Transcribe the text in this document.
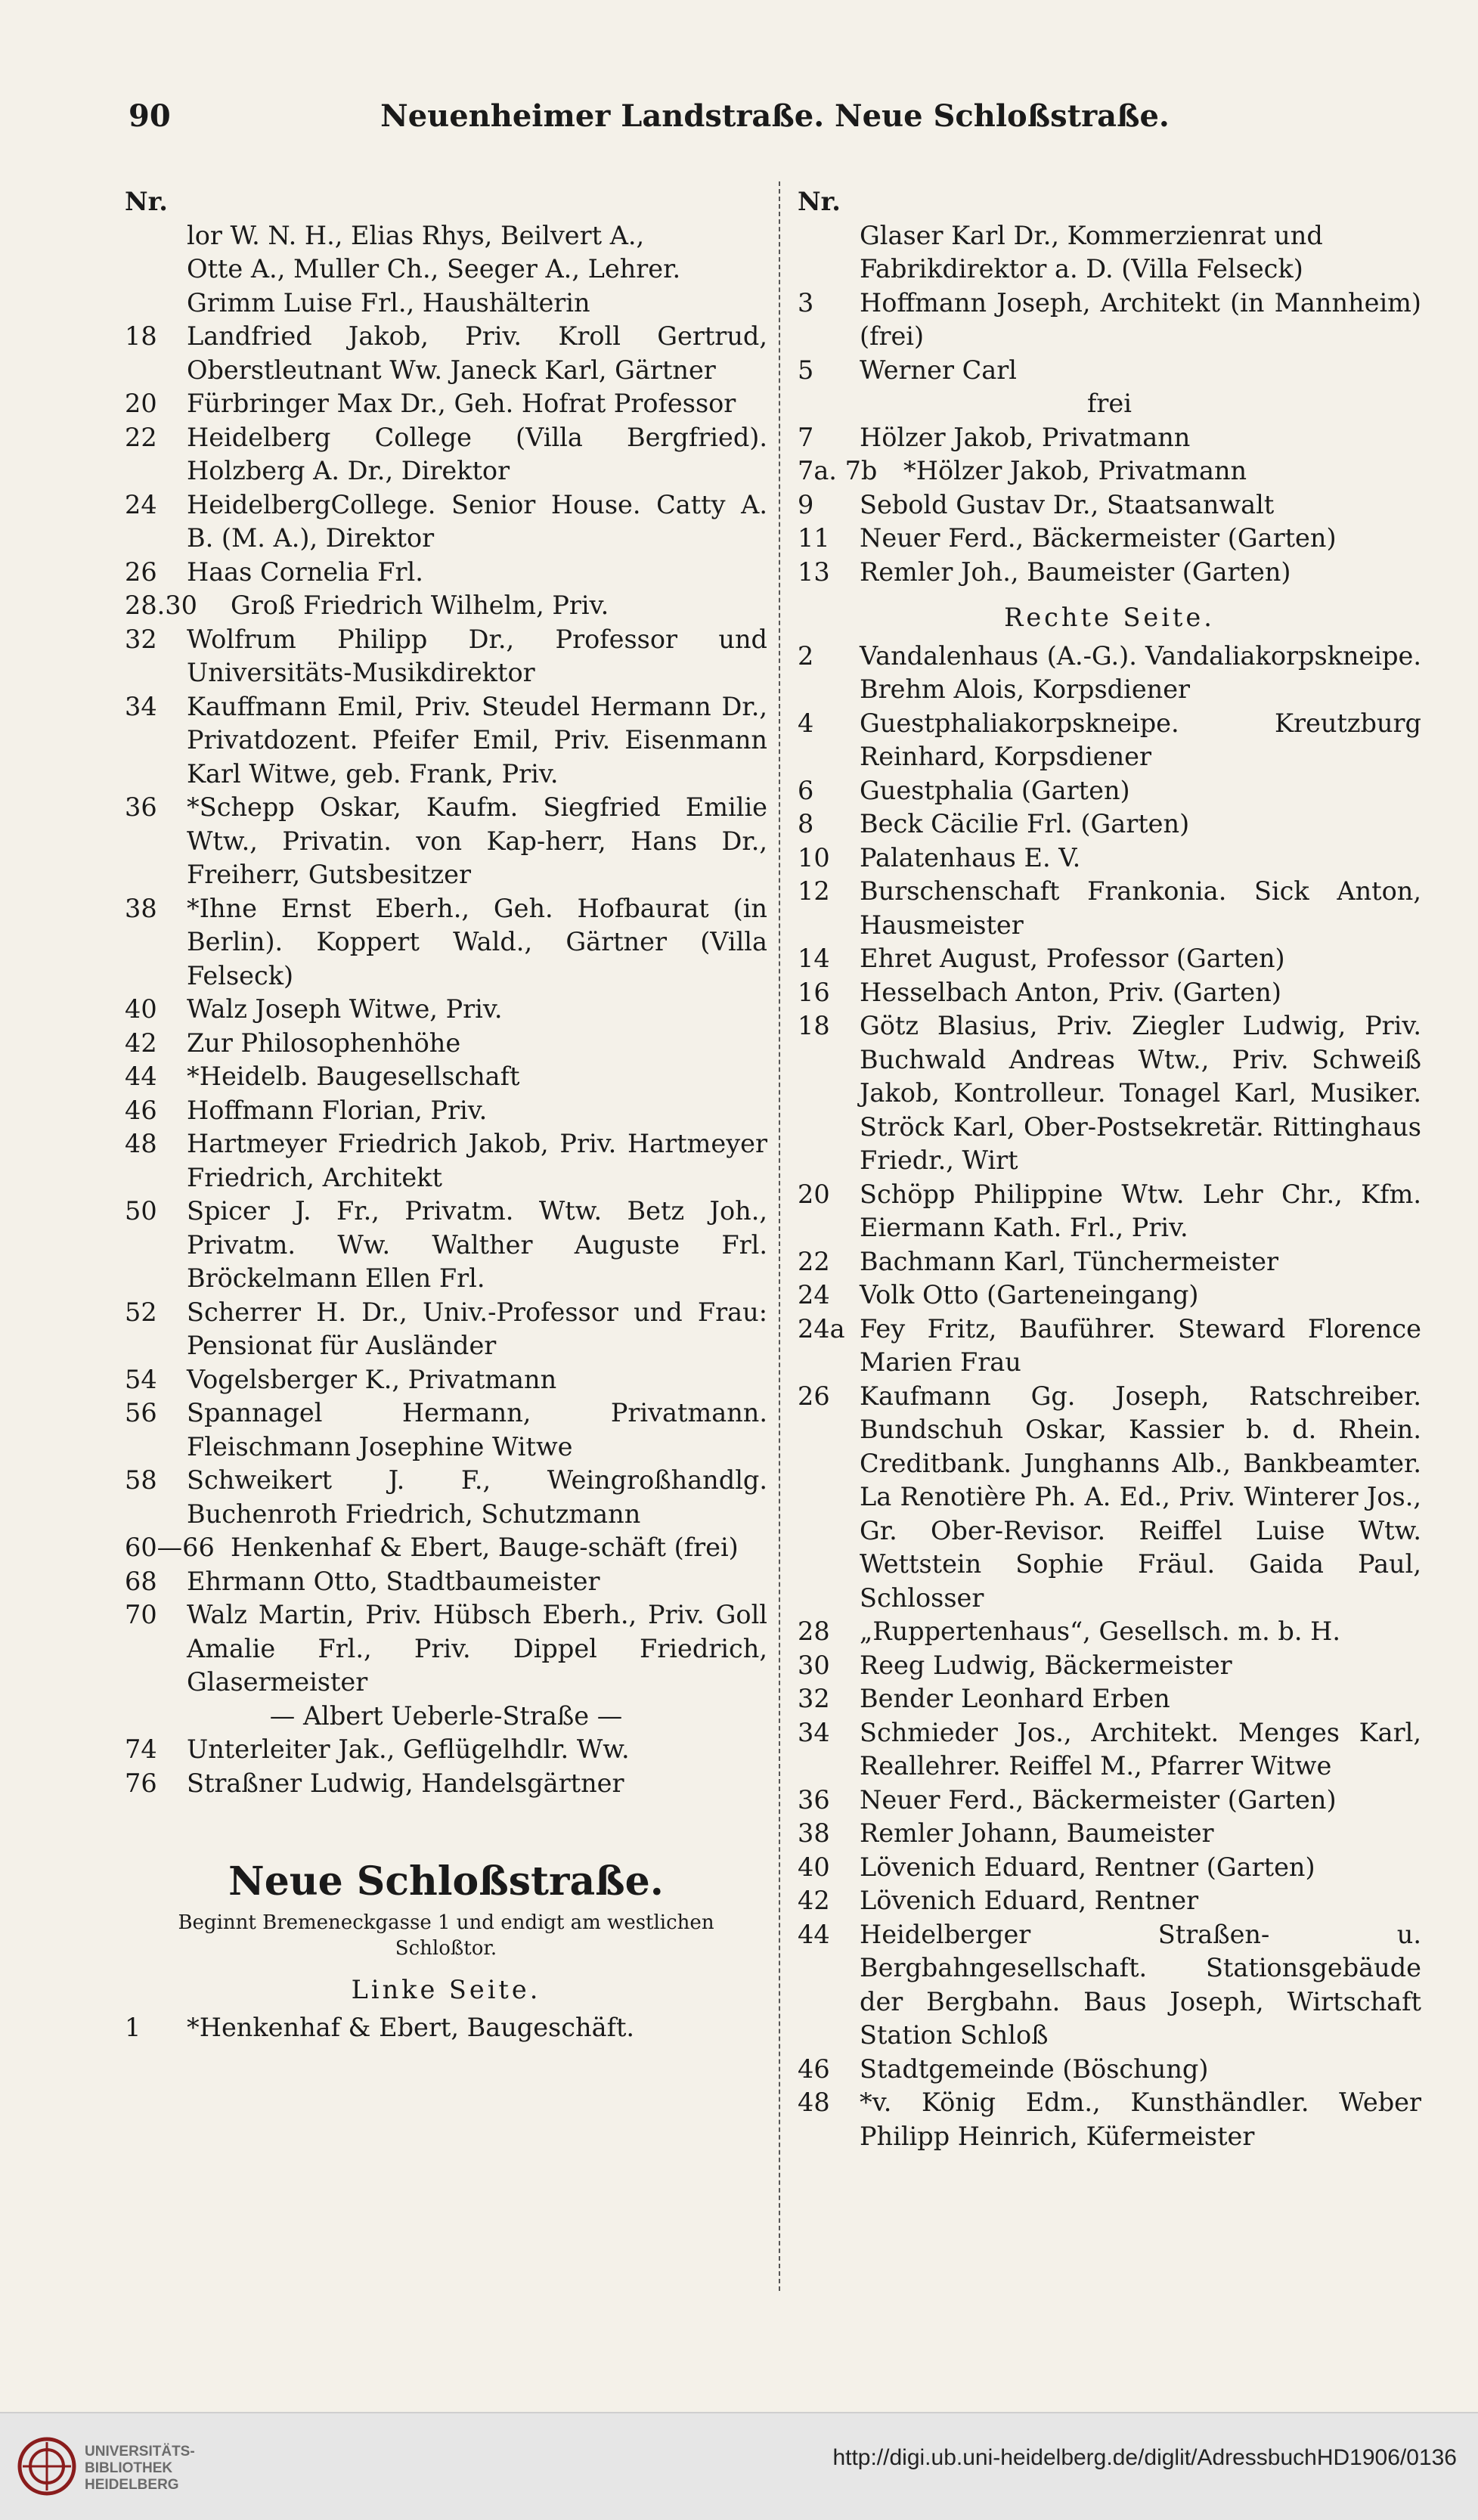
90	Neuenheimer Landstraße. Neue Schloßstraße.
Nr.
lor W. N. H., Elias Rhys, Beilvert A.,
Otte A., Muller Ch., Seeger A., Lehrer.
Grimm Luise Frl., Haushälterin
18 Landfried Jakob, Priv. Kroll Gertrud, Oberstleutnant Ww. Janeck Karl, Gärtner
20 Fürbringer Max Dr., Geh. Hofrat Professor
22 Heidelberg College (Villa Bergfried). Holzberg A. Dr., Direktor
24 HeidelbergCollege. Senior House. Catty A. B. (M. A.), Direktor
26 Haas Cornelia Frl.
28.30 Groß Friedrich Wilhelm, Priv.
32 Wolfrum Philipp Dr., Professor und Universitäts-Musikdirektor
34 Kauffmann Emil, Priv. Steudel Hermann Dr., Privatdozent. Pfeifer Emil, Priv. Eisenmann Karl Witwe, geb. Frank, Priv.
36 *Schepp Oskar, Kaufm. Siegfried Emilie Wtw., Privatin. von Kap-herr, Hans Dr., Freiherr, Gutsbesitzer
38 *Ihne Ernst Eberh., Geh. Hofbaurat (in Berlin). Koppert Wald., Gärtner (Villa Felseck)
40 Walz Joseph Witwe, Priv.
42 Zur Philosophenhöhe
44 *Heidelb. Baugesellschaft
46 Hoffmann Florian, Priv.
48 Hartmeyer Friedrich Jakob, Priv. Hartmeyer Friedrich, Architekt
50 Spicer J. Fr., Privatm. Wtw. Betz Joh., Privatm. Ww. Walther Auguste Frl. Bröckelmann Ellen Frl.
52 Scherrer H. Dr., Univ.-Professor und Frau: Pensionat für Ausländer
54 Vogelsberger K., Privatmann
56 Spannagel Hermann, Privatmann. Fleischmann Josephine Witwe
58 Schweikert J. F., Weingroßhandlg. Buchenroth Friedrich, Schutzmann
60—66 Henkenhaf & Ebert, Bauge-schäft (frei)
68 Ehrmann Otto, Stadtbaumeister
70 Walz Martin, Priv. Hübsch Eberh., Priv. Goll Amalie Frl., Priv. Dippel Friedrich, Glasermeister
— Albert Ueberle-Straße —
74 Unterleiter Jak., Geflügelhdlr. Ww.
76 Straßner Ludwig, Handelsgärtner
Neue Schloßstraße.
Beginnt Bremeneckgasse 1 und endigt am westlichen Schloßtor.
Linke Seite.
1 *Henkenhaf & Ebert, Baugeschäft.
Nr.
Glaser Karl Dr., Kommerzienrat und
Fabrikdirektor a. D. (Villa Felseck)
3 Hoffmann Joseph, Architekt (in Mannheim) (frei)
5 Werner Carl
frei
7 Hölzer Jakob, Privatmann
7a. 7b *Hölzer Jakob, Privatmann
9 Sebold Gustav Dr., Staatsanwalt
11 Neuer Ferd., Bäckermeister (Garten)
13 Remler Joh., Baumeister (Garten)
Rechte Seite.
2 Vandalenhaus (A.-G.). Vandaliakorpskneipe. Brehm Alois, Korpsdiener
4 Guestphaliakorpskneipe. Kreutzburg Reinhard, Korpsdiener
6 Guestphalia (Garten)
8 Beck Cäcilie Frl. (Garten)
10 Palatenhaus E. V.
12 Burschenschaft Frankonia. Sick Anton, Hausmeister
14 Ehret August, Professor (Garten)
16 Hesselbach Anton, Priv. (Garten)
18 Götz Blasius, Priv. Ziegler Ludwig, Priv. Buchwald Andreas Wtw., Priv. Schweiß Jakob, Kontrolleur. Tonagel Karl, Musiker. Ströck Karl, Ober-Postsekretär. Rittinghaus Friedr., Wirt
20 Schöpp Philippine Wtw. Lehr Chr., Kfm. Eiermann Kath. Frl., Priv.
22 Bachmann Karl, Tünchermeister
24 Volk Otto (Garteneingang)
24a Fey Fritz, Bauführer. Steward Florence Marien Frau
26 Kaufmann Gg. Joseph, Ratschreiber. Bundschuh Oskar, Kassier b. d. Rhein. Creditbank. Junghanns Alb., Bankbeamter. La Renotière Ph. A. Ed., Priv. Winterer Jos., Gr. Ober-Revisor. Reiffel Luise Wtw. Wettstein Sophie Fräul. Gaida Paul, Schlosser
28 „Ruppertenhaus“, Gesellsch. m. b. H.
30 Reeg Ludwig, Bäckermeister
32 Bender Leonhard Erben
34 Schmieder Jos., Architekt. Menges Karl, Reallehrer. Reiffel M., Pfarrer Witwe
36 Neuer Ferd., Bäckermeister (Garten)
38 Remler Johann, Baumeister
40 Lövenich Eduard, Rentner (Garten)
42 Lövenich Eduard, Rentner
44 Heidelberger Straßen- u. Bergbahngesellschaft. Stationsgebäude der Bergbahn. Baus Joseph, Wirtschaft Station Schloß
46 Stadtgemeinde (Böschung)
48 *v. König Edm., Kunsthändler. Weber Philipp Heinrich, Küfermeister
UNIVERSITÄTS-
BIBLIOTHEK
HEIDELBERG
http://digi.ub.uni-heidelberg.de/diglit/AdressbuchHD1906/0136
